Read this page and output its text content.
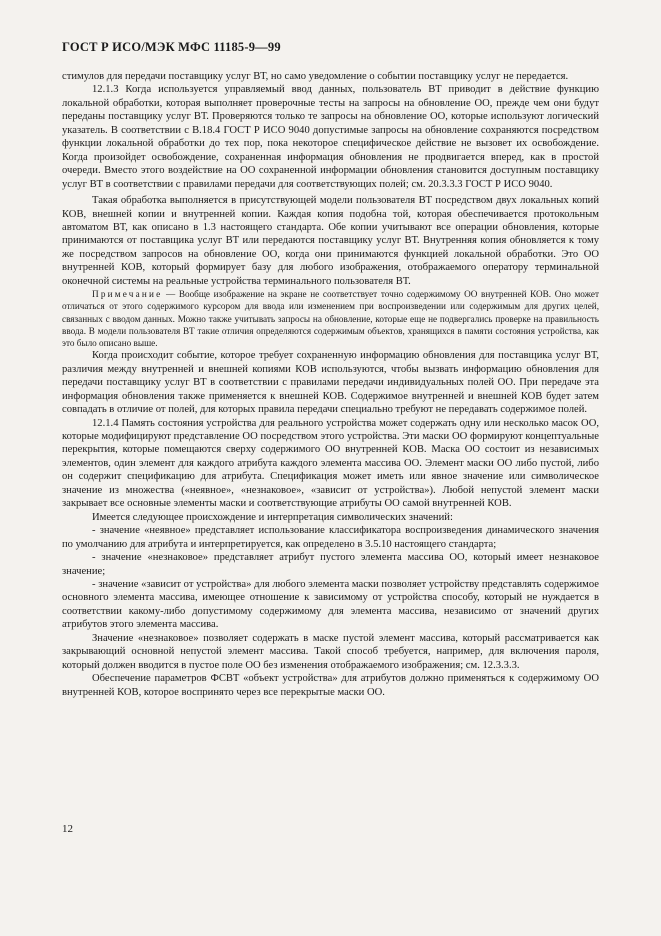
ГОСТ Р ИСО/МЭК МФС 11185-9—99

стимулов для передачи поставщику услуг ВТ, но само уведомление о событии поставщику услуг не передается.

12.1.3 Когда используется управляемый ввод данных, пользователь ВТ приводит в действие функцию локальной обработки, которая выполняет проверочные тесты на запросы на обновление ОО, прежде чем они будут переданы поставщику услуг ВТ. Проверяются только те запросы на обновление ОО, которые используют логический указатель. В соответствии с В.18.4 ГОСТ Р ИСО 9040 допустимые запросы на обновление сохраняются посредством функции локальной обработки до тех пор, пока некоторое специфическое действие не вызовет их освобождение. Когда произойдет освобождение, сохраненная информация обновления не продвигается вперед, как в простой очереди. Вместо этого воздействие на ОО сохраненной информации обновления становится доступным поставщику услуг ВТ в соответствии с правилами передачи для соответствующих полей; см. 20.3.3.3 ГОСТ Р ИСО 9040.

Такая обработка выполняется в присутствующей модели пользователя ВТ посредством двух локальных копий КОВ, внешней копии и внутренней копии. Каждая копия подобна той, которая обеспечивается протокольным автоматом ВТ, как описано в 1.3 настоящего стандарта. Обе копии учитывают все операции обновления, которые принимаются от поставщика услуг ВТ или передаются поставщику услуг ВТ. Внутренняя копия обновляется к тому же посредством запросов на обновление ОО, когда они принимаются функцией локальной обработки. Это ОО внутренней КОВ, который формирует базу для любого изображения, отображаемого оператору терминальной оконечной системы на реальные устройства терминального пользователя ВТ.

Примечание — Вообще изображение на экране не соответствует точно содержимому ОО внутренней КОВ. Оно может отличаться от этого содержимого курсором для ввода или изменением при воспроизведении или содержимым для других целей, связанных с вводом данных. Можно также учитывать запросы на обновление, которые еще не подвергались проверке на правильность ввода. В модели пользователя ВТ такие отличия определяются содержимым объектов, хранящихся в памяти состояния устройства, как это было описано выше.

Когда происходит событие, которое требует сохраненную информацию обновления для поставщика услуг ВТ, различия между внутренней и внешней копиями КОВ используются, чтобы вызвать информацию обновления для передачи поставщику услуг ВТ в соответствии с правилами передачи индивидуальных полей ОО. При передаче эта информация обновления также применяется к внешней КОВ. Содержимое внутренней и внешней КОВ будет затем совпадать в отличие от полей, для которых правила передачи специально требуют не передавать содержимое полей.

12.1.4 Память состояния устройства для реального устройства может содержать одну или несколько масок ОО, которые модифицируют представление ОО посредством этого устройства. Эти маски ОО формируют концептуальные перекрытия, которые помещаются сверху содержимого ОО внутренней КОВ. Маска ОО состоит из независимых элементов, один элемент для каждого атрибута каждого элемента массива ОО. Элемент маски ОО либо пустой, либо он содержит спецификацию для атрибута. Спецификация может иметь или явное значение или символическое значение из множества («неявное», «незнаковое», «зависит от устройства»). Любой непустой элемент маски закрывает все основные элементы маски и соответствующие атрибуты ОО самой внутренней КОВ.

Имеется следующее происхождение и интерпретация символических значений:

- значение «неявное» представляет использование классификатора воспроизведения динамического значения по умолчанию для атрибута и интерпретируется, как определено в 3.5.10 настоящего стандарта;

- значение «незнаковое» представляет атрибут пустого элемента массива ОО, который имеет незнаковое значение;

- значение «зависит от устройства» для любого элемента маски позволяет устройству представлять содержимое основного элемента массива, имеющее отношение к зависимому от устройства способу, который не нуждается в соответствии какому-либо допустимому содержимому для элемента массива, независимо от значений других атрибутов этого элемента массива.

Значение «незнаковое» позволяет содержать в маске пустой элемент массива, который рассматривается как закрывающий основной непустой элемент массива. Такой способ требуется, например, для включения пароля, который должен вводится в пустое поле ОО без изменения отображаемого изображения; см. 12.3.3.3.

Обеспечение параметров ФСВТ «объект устройства» для атрибутов должно применяться к содержимому ОО внутренней КОВ, которое воспринято через все перекрытые маски ОО.

12
